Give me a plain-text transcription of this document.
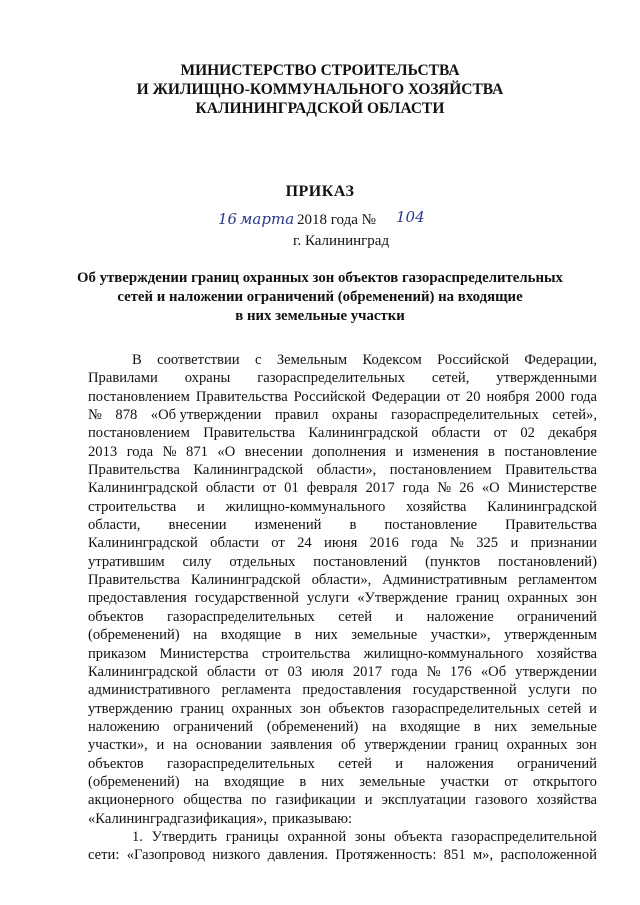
МИНИСТЕРСТВО СТРОИТЕЛЬСТВА
И ЖИЛИЩНО-КОММУНАЛЬНОГО ХОЗЯЙСТВА
КАЛИНИНГРАДСКОЙ ОБЛАСТИ
ПРИКАЗ
16 марта 2018 года № 104
г. Калининград
Об утверждении границ охранных зон объектов газораспределительных
сетей и наложении ограничений (обременений) на входящие
в них земельные участки
В соответствии с Земельным Кодексом Российской Федерации,
Правилами охраны газораспределительных сетей, утвержденными
постановлением Правительства Российской Федерации от 20 ноября 2000 года
№ 878 «Об утверждении правил охраны газораспределительных сетей»,
постановлением Правительства Калининградской области от 02 декабря
2013 года № 871 «О внесении дополнения и изменения в постановление
Правительства Калининградской области», постановлением Правительства
Калининградской области от 01 февраля 2017 года № 26 «О Министерстве
строительства и жилищно-коммунального хозяйства Калининградской
области, внесении изменений в постановление Правительства
Калининградской области от 24 июня 2016 года № 325 и признании
утратившим силу отдельных постановлений (пунктов постановлений)
Правительства Калининградской области», Административным регламентом
предоставления государственной услуги «Утверждение границ охранных зон
объектов газораспределительных сетей и наложение ограничений
(обременений) на входящие в них земельные участки», утвержденным
приказом Министерства строительства жилищно-коммунального хозяйства
Калининградской области от 03 июля 2017 года № 176 «Об утверждении
административного регламента предоставления государственной услуги по
утверждению границ охранных зон объектов газораспределительных сетей и
наложению ограничений (обременений) на входящие в них земельные
участки», и на основании заявления об утверждении границ охранных зон
объектов газораспределительных сетей и наложения ограничений
(обременений) на входящие в них земельные участки от открытого
акционерного общества по газификации и эксплуатации газового хозяйства
«Калининградгазификация», приказываю:
1. Утвердить границы охранной зоны объекта газораспределительной
сети: «Газопровод низкого давления. Протяженность: 851 м», расположенной
